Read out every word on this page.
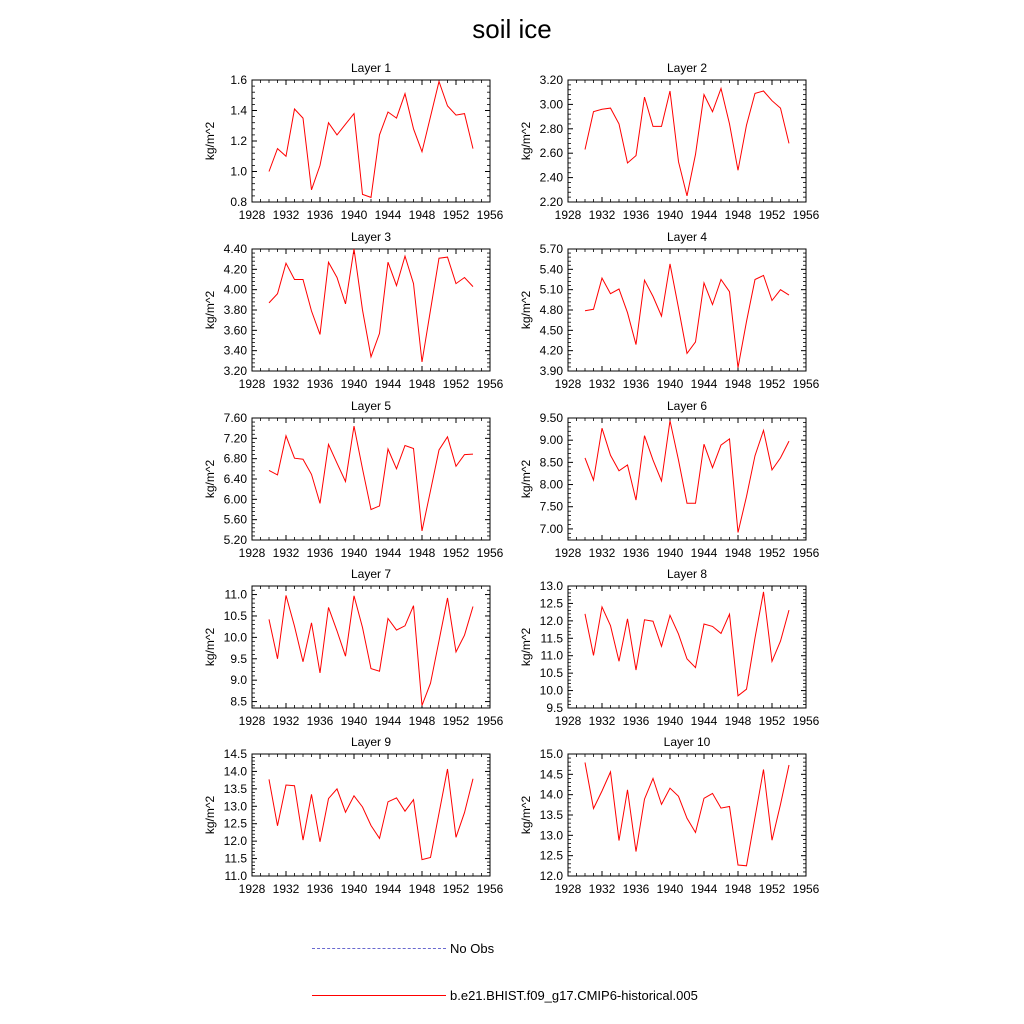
soil ice
Layer 1
1928 1932 1936 1940 1944 1948 1952 1956
0.8
1.0
1.2
1.4
1.6
kg/m^2
Layer 2
1928 1932 1936 1940 1944 1948 1952 1956
2.20
2.40
2.60
2.80
3.00
3.20
kg/m^2
Layer 3
1928 1932 1936 1940 1944 1948 1952 1956
3.20
3.40
3.60
3.80
4.00
4.20
4.40
kg/m^2
Layer 4
1928 1932 1936 1940 1944 1948 1952 1956
3.90
4.20
4.50
4.80
5.10
5.40
5.70
kg/m^2
Layer 5
1928 1932 1936 1940 1944 1948 1952 1956
5.20
5.60
6.00
6.40
6.80
7.20
7.60
kg/m^2
Layer 6
1928 1932 1936 1940 1944 1948 1952 1956
7.00
7.50
8.00
8.50
9.00
9.50
kg/m^2
Layer 7
1928 1932 1936 1940 1944 1948 1952 1956
8.5
9.0
9.5
10.0
10.5
11.0
kg/m^2
Layer 8
1928 1932 1936 1940 1944 1948 1952 1956
9.5
10.0
10.5
11.0
11.5
12.0
12.5
13.0
kg/m^2
Layer 9
1928 1932 1936 1940 1944 1948 1952 1956
11.0
11.5
12.0
12.5
13.0
13.5
14.0
14.5
kg/m^2
Layer 10
1928 1932 1936 1940 1944 1948 1952 1956
12.0
12.5
13.0
13.5
14.0
14.5
15.0
kg/m^2
No Obs
b.e21.BHIST.f09_g17.CMIP6-historical.005
